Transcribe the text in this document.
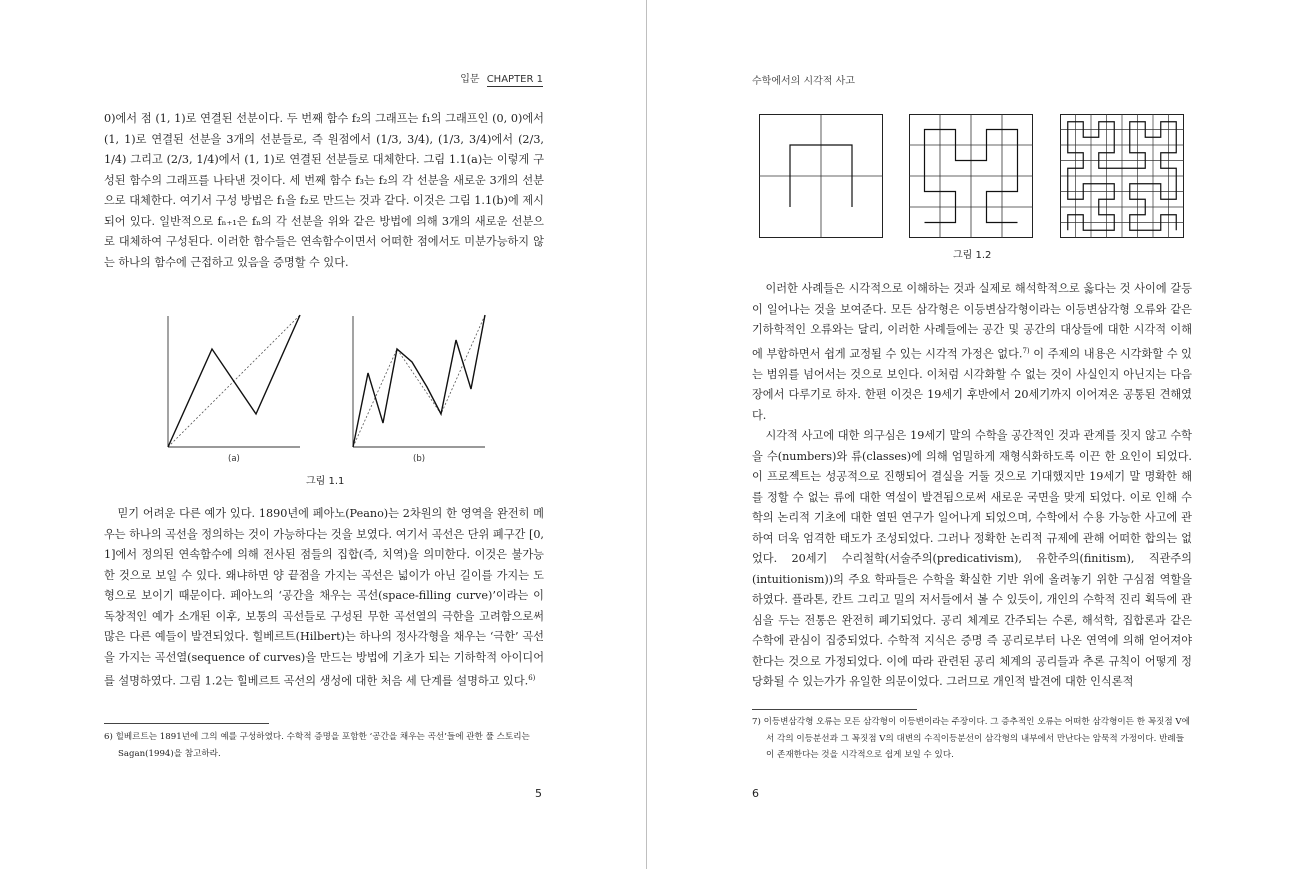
입문 CHAPTER 1

0)에서 점 (1, 1)로 연결된 선분이다. 두 번째 함수 f₂의 그래프는 f₁의 그래프인 (0, 0)에서 (1, 1)로 연결된 선분을 3개의 선분들로, 즉 원점에서 (1/3, 3/4), (1/3, 3/4)에서 (2/3, 1/4) 그리고 (2/3, 1/4)에서 (1, 1)로 연결된 선분들로 대체한다. 그림 1.1(a)는 이렇게 구성된 함수의 그래프를 나타낸 것이다. 세 번째 함수 f₃는 f₂의 각 선분을 새로운 3개의 선분으로 대체한다. 여기서 구성 방법은 f₁을 f₂로 만드는 것과 같다. 이것은 그림 1.1(b)에 제시되어 있다. 일반적으로 fₙ₊₁은 fₙ의 각 선분을 위와 같은 방법에 의해 3개의 새로운 선분으로 대체하여 구성된다. 이러한 함수들은 연속함수이면서 어떠한 점에서도 미분가능하지 않는 하나의 함수에 근접하고 있음을 증명할 수 있다.

(a)	(b)
그림 1.1

믿기 어려운 다른 예가 있다. 1890년에 페아노(Peano)는 2차원의 한 영역을 완전히 메우는 하나의 곡선을 정의하는 것이 가능하다는 것을 보였다. 여기서 곡선은 단위 폐구간 [0, 1]에서 정의된 연속함수에 의해 전사된 점들의 집합(즉, 치역)을 의미한다. 이것은 불가능한 것으로 보일 수 있다. 왜냐하면 양 끝점을 가지는 곡선은 넓이가 아닌 길이를 가지는 도형으로 보이기 때문이다. 페아노의 ‘공간을 채우는 곡선(space-filling curve)’이라는 이 독창적인 예가 소개된 이후, 보통의 곡선들로 구성된 무한 곡선열의 극한을 고려함으로써 많은 다른 예들이 발견되었다. 힐베르트(Hilbert)는 하나의 정사각형을 채우는 ‘극한’ 곡선을 가지는 곡선열(sequence of curves)을 만드는 방법에 기초가 되는 기하학적 아이디어를 설명하였다. 그림 1.2는 힐베르트 곡선의 생성에 대한 처음 세 단계를 설명하고 있다.$^{6)}$

6) 힐베르트는 1891년에 그의 예를 구성하였다. 수학적 증명을 포함한 ‘공간을 채우는 곡선’들에 관한 풀 스토리는 Sagan(1994)을 참고하라.
5
수학에서의 시각적 사고
그림 1.2

이러한 사례들은 시각적으로 이해하는 것과 실제로 해석학적으로 옳다는 것 사이에 갈등이 일어나는 것을 보여준다. 모든 삼각형은 이등변삼각형이라는 이등변삼각형 오류와 같은 기하학적인 오류와는 달리, 이러한 사례들에는 공간 및 공간의 대상들에 대한 시각적 이해에 부합하면서 쉽게 교정될 수 있는 시각적 가정은 없다.$^{7)}$ 이 주제의 내용은 시각화할 수 있는 범위를 넘어서는 것으로 보인다. 이처럼 시각화할 수 없는 것이 사실인지 아닌지는 다음 장에서 다루기로 하자. 한편 이것은 19세기 후반에서 20세기까지 이어져온 공통된 견해였다.

시각적 사고에 대한 의구심은 19세기 말의 수학을 공간적인 것과 관계를 짓지 않고 수학을 수(numbers)와 류(classes)에 의해 엄밀하게 재형식화하도록 이끈 한 요인이 되었다. 이 프로젝트는 성공적으로 진행되어 결실을 거둘 것으로 기대했지만 19세기 말 명확한 해를 정할 수 없는 류에 대한 역설이 발견됨으로써 새로운 국면을 맞게 되었다. 이로 인해 수학의 논리적 기초에 대한 열띤 연구가 일어나게 되었으며, 수학에서 수용 가능한 사고에 관하여 더욱 엄격한 태도가 조성되었다. 그러나 정확한 논리적 규제에 관해 어떠한 합의는 없었다. 20세기 수리철학(서술주의(predicativism), 유한주의(finitism), 직관주의(intuitionism))의 주요 학파들은 수학을 확실한 기반 위에 올려놓기 위한 구심점 역할을 하였다. 플라톤, 칸트 그리고 밀의 저서들에서 볼 수 있듯이, 개인의 수학적 진리 획득에 관심을 두는 전통은 완전히 폐기되었다. 공리 체계로 간주되는 수론, 해석학, 집합론과 같은 수학에 관심이 집중되었다. 수학적 지식은 증명 즉 공리로부터 나온 연역에 의해 얻어져야 한다는 것으로 가정되었다. 이에 따라 관련된 공리 체계의 공리들과 추론 규칙이 어떻게 정당화될 수 있는가가 유일한 의문이었다. 그러므로 개인적 발견에 대한 인식론적

7) 이등변삼각형 오류는 모든 삼각형이 이등변이라는 주장이다. 그 증추적인 오류는 어떠한 삼각형이든 한 꼭짓점 V에서 각의 이등분선과 그 꼭짓점 V의 대변의 수직이등분선이 삼각형의 내부에서 만난다는 암묵적 가정이다. 반례들이 존재한다는 것을 시각적으로 쉽게 보일 수 있다.
6
